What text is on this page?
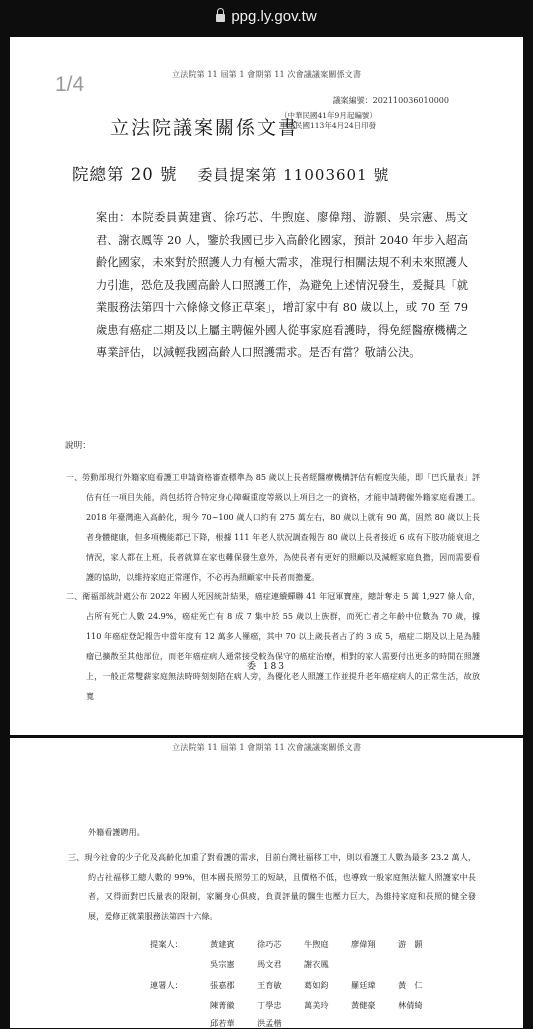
ppg.ly.gov.tw
1/4	立法院第 11 屆第 1 會期第 11 次會議議案關係文書
議案編號：202110036010000
立法院議案關係文書
（中華民國41年9月起編號）
中華民國113年4月24日印發
院總第 20 號 委員提案第 11003601 號
案由：本院委員黃建賓、徐巧芯、牛煦庭、廖偉翔、游顥、吳宗憲、馬文君、謝衣鳳等 20 人，鑒於我國已步入高齡化國家，預計 2040 年步入超高齡化國家，未來對於照護人力有極大需求，准現行相關法規不利未來照護人力引進，恐危及我國高齡人口照護工作，為避免上述情況發生，爰擬具「就業服務法第四十六條條文修正草案」，增訂家中有 80 歲以上，或 70 至 79 歲患有癌症二期及以上屬主聘僱外國人從事家庭看護時，得免經醫療機構之專業評估，以減輕我國高齡人口照護需求。是否有當？敬請公決。
說明：

一、勞動部現行外籍家庭看護工申請資格審查標準為 85 歲以上長者經醫療機構評估有輕度失能，即「巴氏量表」評估有任一項目失能，尚包括符合特定身心障礙重度等級以上項目之一的資格，才能申請聘僱外籍家庭看護工。2018 年臺灣進入高齡化，現今 70~100 歲人口約有 275 萬左右，80 歲以上就有 90 萬，固然 80 歲以上長者身體健康，但多項機能都已下降，根據 111 年老人狀況調查報告 80 歲以上長者接近 6 成有下肢功能衰退之情況，家人都在上班，長者就算在家也難保發生意外，為使長者有更好的照顧以及減輕家庭負擔，因而需要看護的協助，以維持家庭正常運作，不必再為照顧家中長者而擔憂。

二、衛福部統計處公布 2022 年國人死因統計結果，癌症連續蟬聯 41 年冠軍寶座，總計奪走 5 萬 1,927 條人命，占所有死亡人數 24.9%，癌症死亡有 8 成 7 集中於 55 歲以上族群，而死亡者之年齡中位數為 70 歲，據 110 年癌症登記報告中當年度有 12 萬多人罹癌，其中 70 以上歲長者占了約 3 成 5，癌症二期及以上是為腫瘤已擴散至其他部位，而老年癌症病人通常接受較為保守的癌症治療，相對的家人需要付出更多的時間在照護上，一般正常雙薪家庭無法時時刻刻陪在病人旁，為優化老人照護工作並提升老年癌症病人的正常生活，故放寬

委 183
立法院第 11 屆第 1 會期第 11 次會議議案關係文書
外籍看護聘用。
三、現今社會的少子化及高齡化加重了對看護的需求，目前台灣社福移工中，則以看護工人數為最多 23.2 萬人，約占社福移工總人數的 99%，但本國長照勞工的短缺，且價格不低，也導致一般家庭無法僱人照護家中長者，又得面對巴氏量表的限制，家屬身心俱疲，負責評量的醫生也壓力巨大，為維持家庭和長照的健全發展，爰修正就業服務法第四十六條。
提案人：	黃建賓	徐巧芯	牛煦庭	廖偉翔	游　顥
吳宗憲	馬文君	謝衣鳳
連署人：	張嘉郡	王育敏	葛如鈞	羅廷瑋	黃　仁
陳菁徽	丁學忠	萬美玲	黃健豪	林倩綺
邱若華	洪孟楷
